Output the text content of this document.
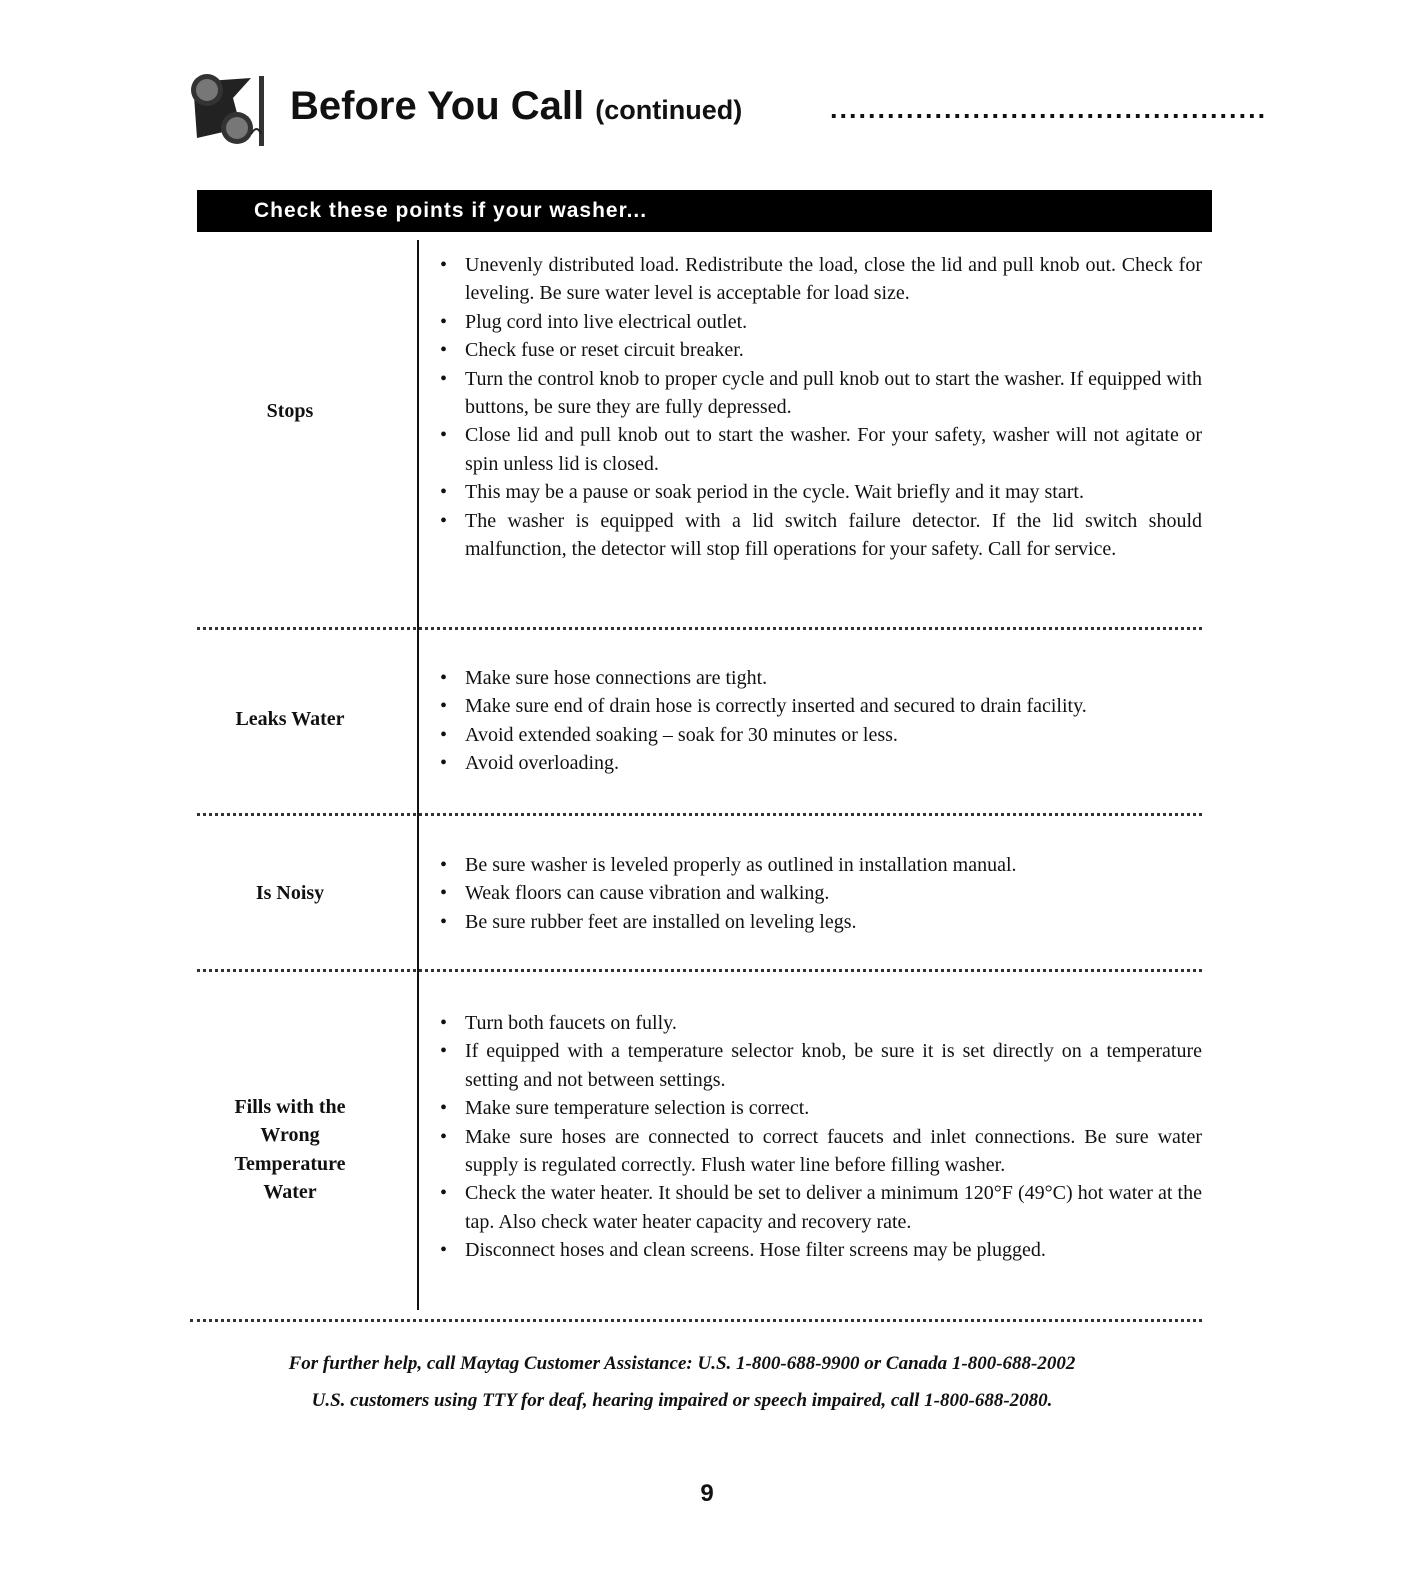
Before You Call (continued)	..............................................
Check these points if your washer...
Stops
• Unevenly distributed load. Redistribute the load, close the lid and pull knob out. Check for leveling. Be sure water level is acceptable for load size.
• Plug cord into live electrical outlet.
• Check fuse or reset circuit breaker.
• Turn the control knob to proper cycle and pull knob out to start the washer. If equipped with buttons, be sure they are fully depressed.
• Close lid and pull knob out to start the washer. For your safety, washer will not agitate or spin unless lid is closed.
• This may be a pause or soak period in the cycle. Wait briefly and it may start.
• The washer is equipped with a lid switch failure detector. If the lid switch should malfunction, the detector will stop fill operations for your safety. Call for service.
Leaks Water
• Make sure hose connections are tight.
• Make sure end of drain hose is correctly inserted and secured to drain facility.
• Avoid extended soaking – soak for 30 minutes or less.
• Avoid overloading.
Is Noisy
• Be sure washer is leveled properly as outlined in installation manual.
• Weak floors can cause vibration and walking.
• Be sure rubber feet are installed on leveling legs.
Fills with the Wrong Temperature Water
• Turn both faucets on fully.
• If equipped with a temperature selector knob, be sure it is set directly on a temperature setting and not between settings.
• Make sure temperature selection is correct.
• Make sure hoses are connected to correct faucets and inlet connections. Be sure water supply is regulated correctly. Flush water line before filling washer.
• Check the water heater. It should be set to deliver a minimum 120°F (49°C) hot water at the tap. Also check water heater capacity and recovery rate.
• Disconnect hoses and clean screens. Hose filter screens may be plugged.
For further help, call Maytag Customer Assistance: U.S. 1-800-688-9900 or Canada 1-800-688-2002
U.S. customers using TTY for deaf, hearing impaired or speech impaired, call 1-800-688-2080.
9
